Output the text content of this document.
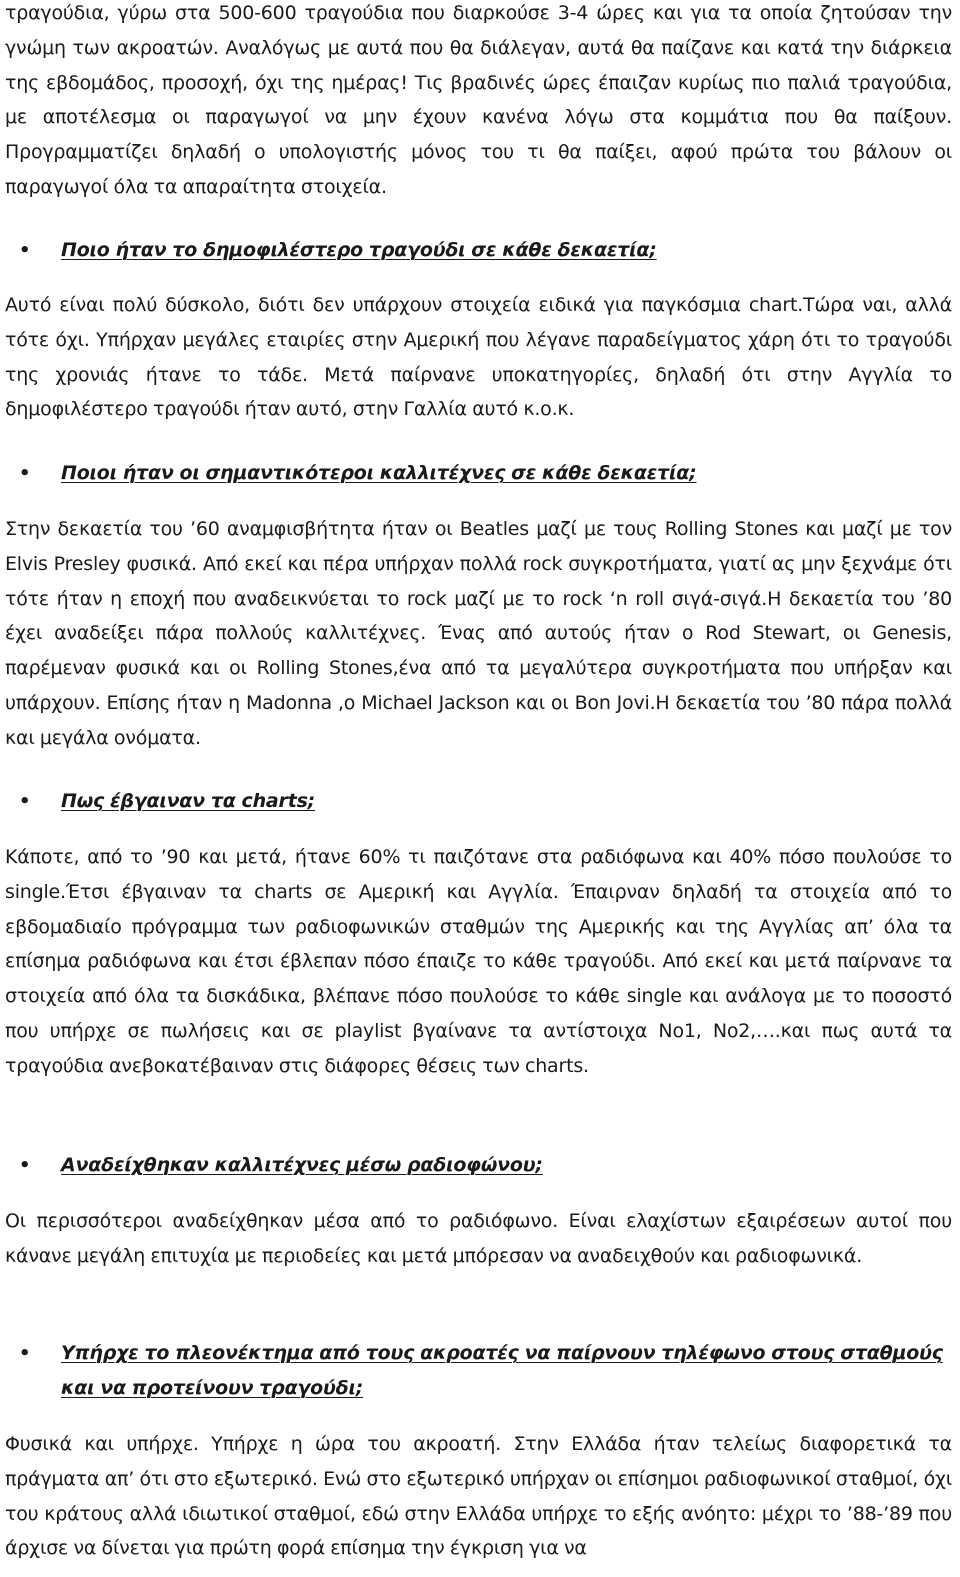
τραγούδια, γύρω στα 500-600 τραγούδια που διαρκούσε 3-4 ώρες και για τα οποία ζητούσαν την γνώμη των ακροατών. Αναλόγως με αυτά που θα διάλεγαν, αυτά θα παίζανε και κατά την διάρκεια της εβδομάδος, προσοχή, όχι της ημέρας! Τις βραδινές ώρες έπαιζαν κυρίως πιο παλιά τραγούδια, με αποτέλεσμα οι παραγωγοί να μην έχουν κανένα λόγω στα κομμάτια που θα παίξουν. Προγραμματίζει δηλαδή ο υπολογιστής μόνος του τι θα παίξει, αφού πρώτα του βάλουν οι παραγωγοί όλα τα απαραίτητα στοιχεία.

• Ποιο ήταν το δημοφιλέστερο τραγούδι σε κάθε δεκαετία;

Αυτό είναι πολύ δύσκολο, διότι δεν υπάρχουν στοιχεία ειδικά για παγκόσμια chart.Τώρα ναι, αλλά τότε όχι. Υπήρχαν μεγάλες εταιρίες στην Αμερική που λέγανε παραδείγματος χάρη ότι το τραγούδι της χρονιάς ήτανε το τάδε. Μετά παίρνανε υποκατηγορίες, δηλαδή ότι στην Αγγλία το δημοφιλέστερο τραγούδι ήταν αυτό, στην Γαλλία αυτό κ.ο.κ.

• Ποιοι ήταν οι σημαντικότεροι καλλιτέχνες σε κάθε δεκαετία;

Στην δεκαετία του ’60 αναμφισβήτητα ήταν οι Beatles μαζί με τους Rolling Stones και μαζί με τον Elvis Presley φυσικά. Από εκεί και πέρα υπήρχαν πολλά rock συγκροτήματα, γιατί ας μην ξεχνάμε ότι τότε ήταν η εποχή που αναδεικνύεται το rock μαζί με το rock ‘n roll σιγά-σιγά.Η δεκαετία του ’80 έχει αναδείξει πάρα πολλούς καλλιτέχνες. Ένας από αυτούς ήταν ο Rod Stewart, οι Genesis, παρέμεναν φυσικά και οι Rolling Stones,ένα από τα μεγαλύτερα συγκροτήματα που υπήρξαν και υπάρχουν. Επίσης ήταν η Madonna ,ο Michael Jackson και οι Bon Jovi.Η δεκαετία του ’80 πάρα πολλά και μεγάλα ονόματα.

• Πως έβγαιναν τα charts;

Κάποτε, από το ’90 και μετά, ήτανε 60% τι παιζότανε στα ραδιόφωνα και 40% πόσο πουλούσε το single.Έτσι έβγαιναν τα charts σε Αμερική και Αγγλία. Έπαιρναν δηλαδή τα στοιχεία από το εβδομαδιαίο πρόγραμμα των ραδιοφωνικών σταθμών της Αμερικής και της Αγγλίας απ’ όλα τα επίσημα ραδιόφωνα και έτσι έβλεπαν πόσο έπαιζε το κάθε τραγούδι. Από εκεί και μετά παίρνανε τα στοιχεία από όλα τα δισκάδικα, βλέπανε πόσο πουλούσε το κάθε single και ανάλογα με το ποσοστό που υπήρχε σε πωλήσεις και σε playlist βγαίνανε τα αντίστοιχα Νο1, Νο2,….και πως αυτά τα τραγούδια ανεβοκατέβαιναν στις διάφορες θέσεις των charts.

• Αναδείχθηκαν καλλιτέχνες μέσω ραδιοφώνου;

Οι περισσότεροι αναδείχθηκαν μέσα από το ραδιόφωνο. Είναι ελαχίστων εξαιρέσεων αυτοί που κάνανε μεγάλη επιτυχία με περιοδείες και μετά μπόρεσαν να αναδειχθούν και ραδιοφωνικά.

• Υπήρχε το πλεονέκτημα από τους ακροατές να παίρνουν τηλέφωνο στους σταθμούς και να προτείνουν τραγούδι;

Φυσικά και υπήρχε. Υπήρχε η ώρα του ακροατή. Στην Ελλάδα ήταν τελείως διαφορετικά τα πράγματα απ’ ότι στο εξωτερικό. Ενώ στο εξωτερικό υπήρχαν οι επίσημοι ραδιοφωνικοί σταθμοί, όχι του κράτους αλλά ιδιωτικοί σταθμοί, εδώ στην Ελλάδα υπήρχε το εξής ανόητο: μέχρι το ’88-’89 που άρχισε να δίνεται για πρώτη φορά επίσημα την έγκριση για να
